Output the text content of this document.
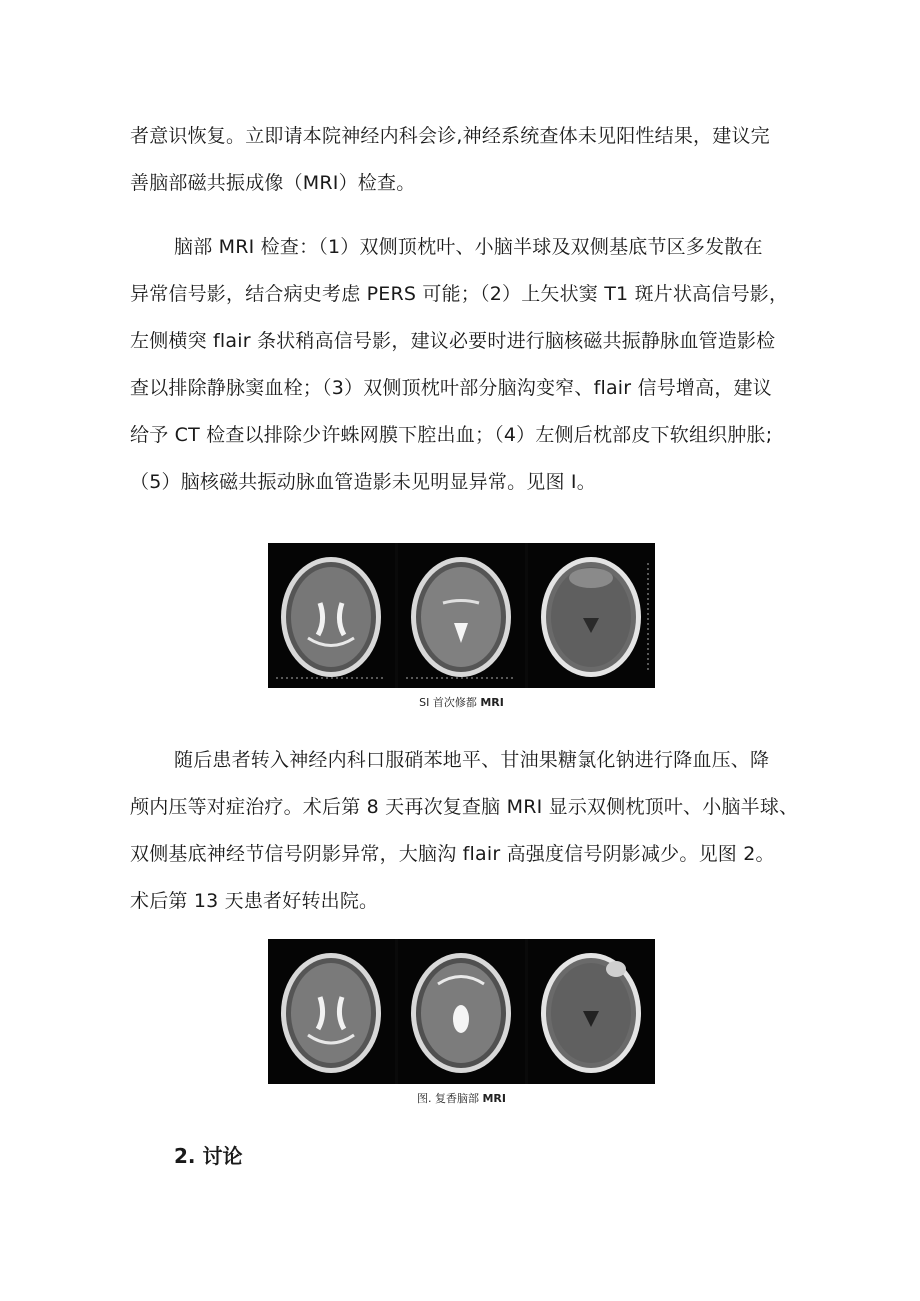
者意识恢复。立即请本院神经内科会诊,神经系统查体未见阳性结果，建议完
善脑部磁共振成像（MRI）检查。
脑部 MRI 检查：（1）双侧顶枕叶、小脑半球及双侧基底节区多发散在
异常信号影，结合病史考虑 PERS 可能；（2）上矢状窦 T1 斑片状高信号影，
左侧横突 flair 条状稍高信号影，建议必要时进行脑核磁共振静脉血管造影检
查以排除静脉窦血栓；（3）双侧顶枕叶部分脑沟变窄、flair 信号增高，建议
给予 CT 检查以排除少许蛛网膜下腔出血；（4）左侧后枕部皮下软组织肿胀;
（5）脑核磁共振动脉血管造影未见明显异常。见图 I。
SI 首次修都 MRI
随后患者转入神经内科口服硝苯地平、甘油果糖氯化钠进行降血压、降
颅内压等对症治疗。术后第 8 天再次复查脑 MRI 显示双侧枕顶叶、小脑半球、
双侧基底神经节信号阴影异常，大脑沟 flair 高强度信号阴影减少。见图 2。
术后第 13 天患者好转出院。
图. 复香脑部 MRI
2. 讨论
